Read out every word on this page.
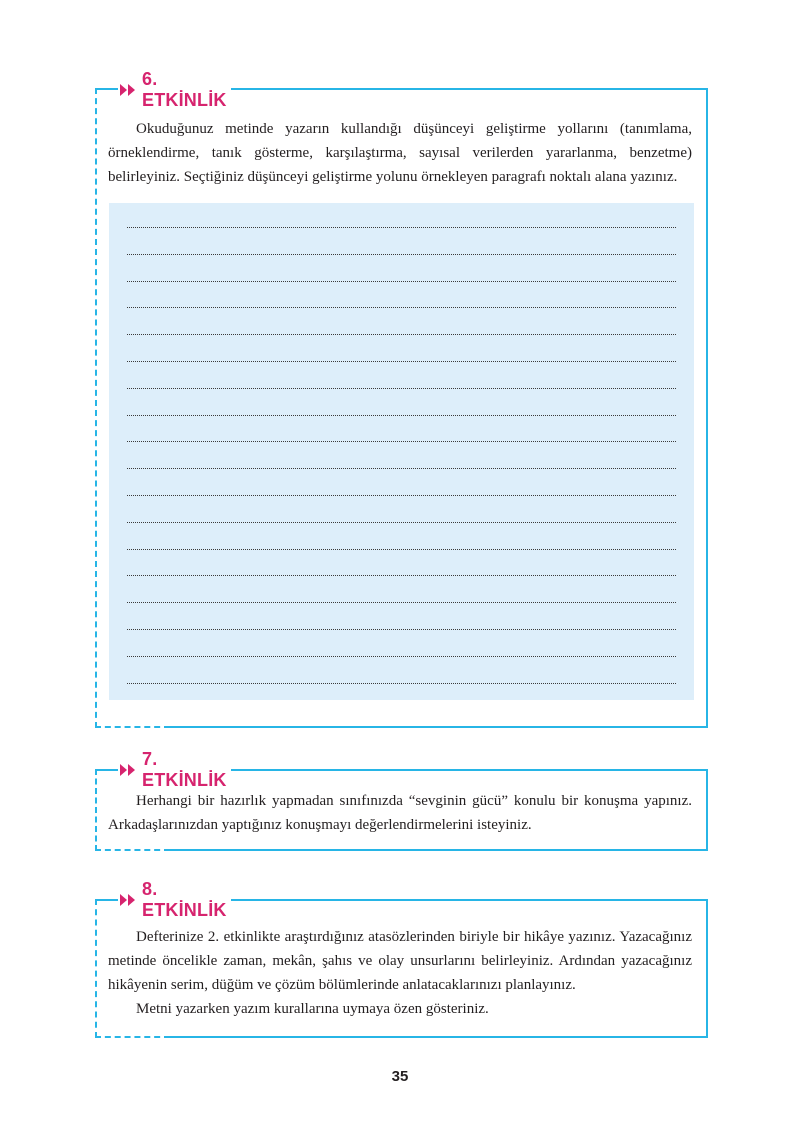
6. ETKİNLİK

Okuduğunuz metinde yazarın kullandığı düşünceyi geliştirme yollarını (tanımlama, örneklendirme, tanık gösterme, karşılaştırma, sayısal verilerden yararlanma, benzetme) belirleyiniz. Seçtiğiniz düşünceyi geliştirme yolunu örnekleyen paragrafı noktalı alana yazınız.

7. ETKİNLİK

Herhangi bir hazırlık yapmadan sınıfınızda “sevginin gücü” konulu bir konuşma yapınız. Arkadaşlarınızdan yaptığınız konuşmayı değerlendirmelerini isteyiniz.

8. ETKİNLİK

Defterinize 2. etkinlikte araştırdığınız atasözlerinden biriyle bir hikâye yazınız. Yazacağınız metinde öncelikle zaman, mekân, şahıs ve olay unsurlarını belirleyiniz. Ardından yazacağınız hikâyenin serim, düğüm ve çözüm bölümlerinde anlatacaklarınızı planlayınız.

Metni yazarken yazım kurallarına uymaya özen gösteriniz.

35
